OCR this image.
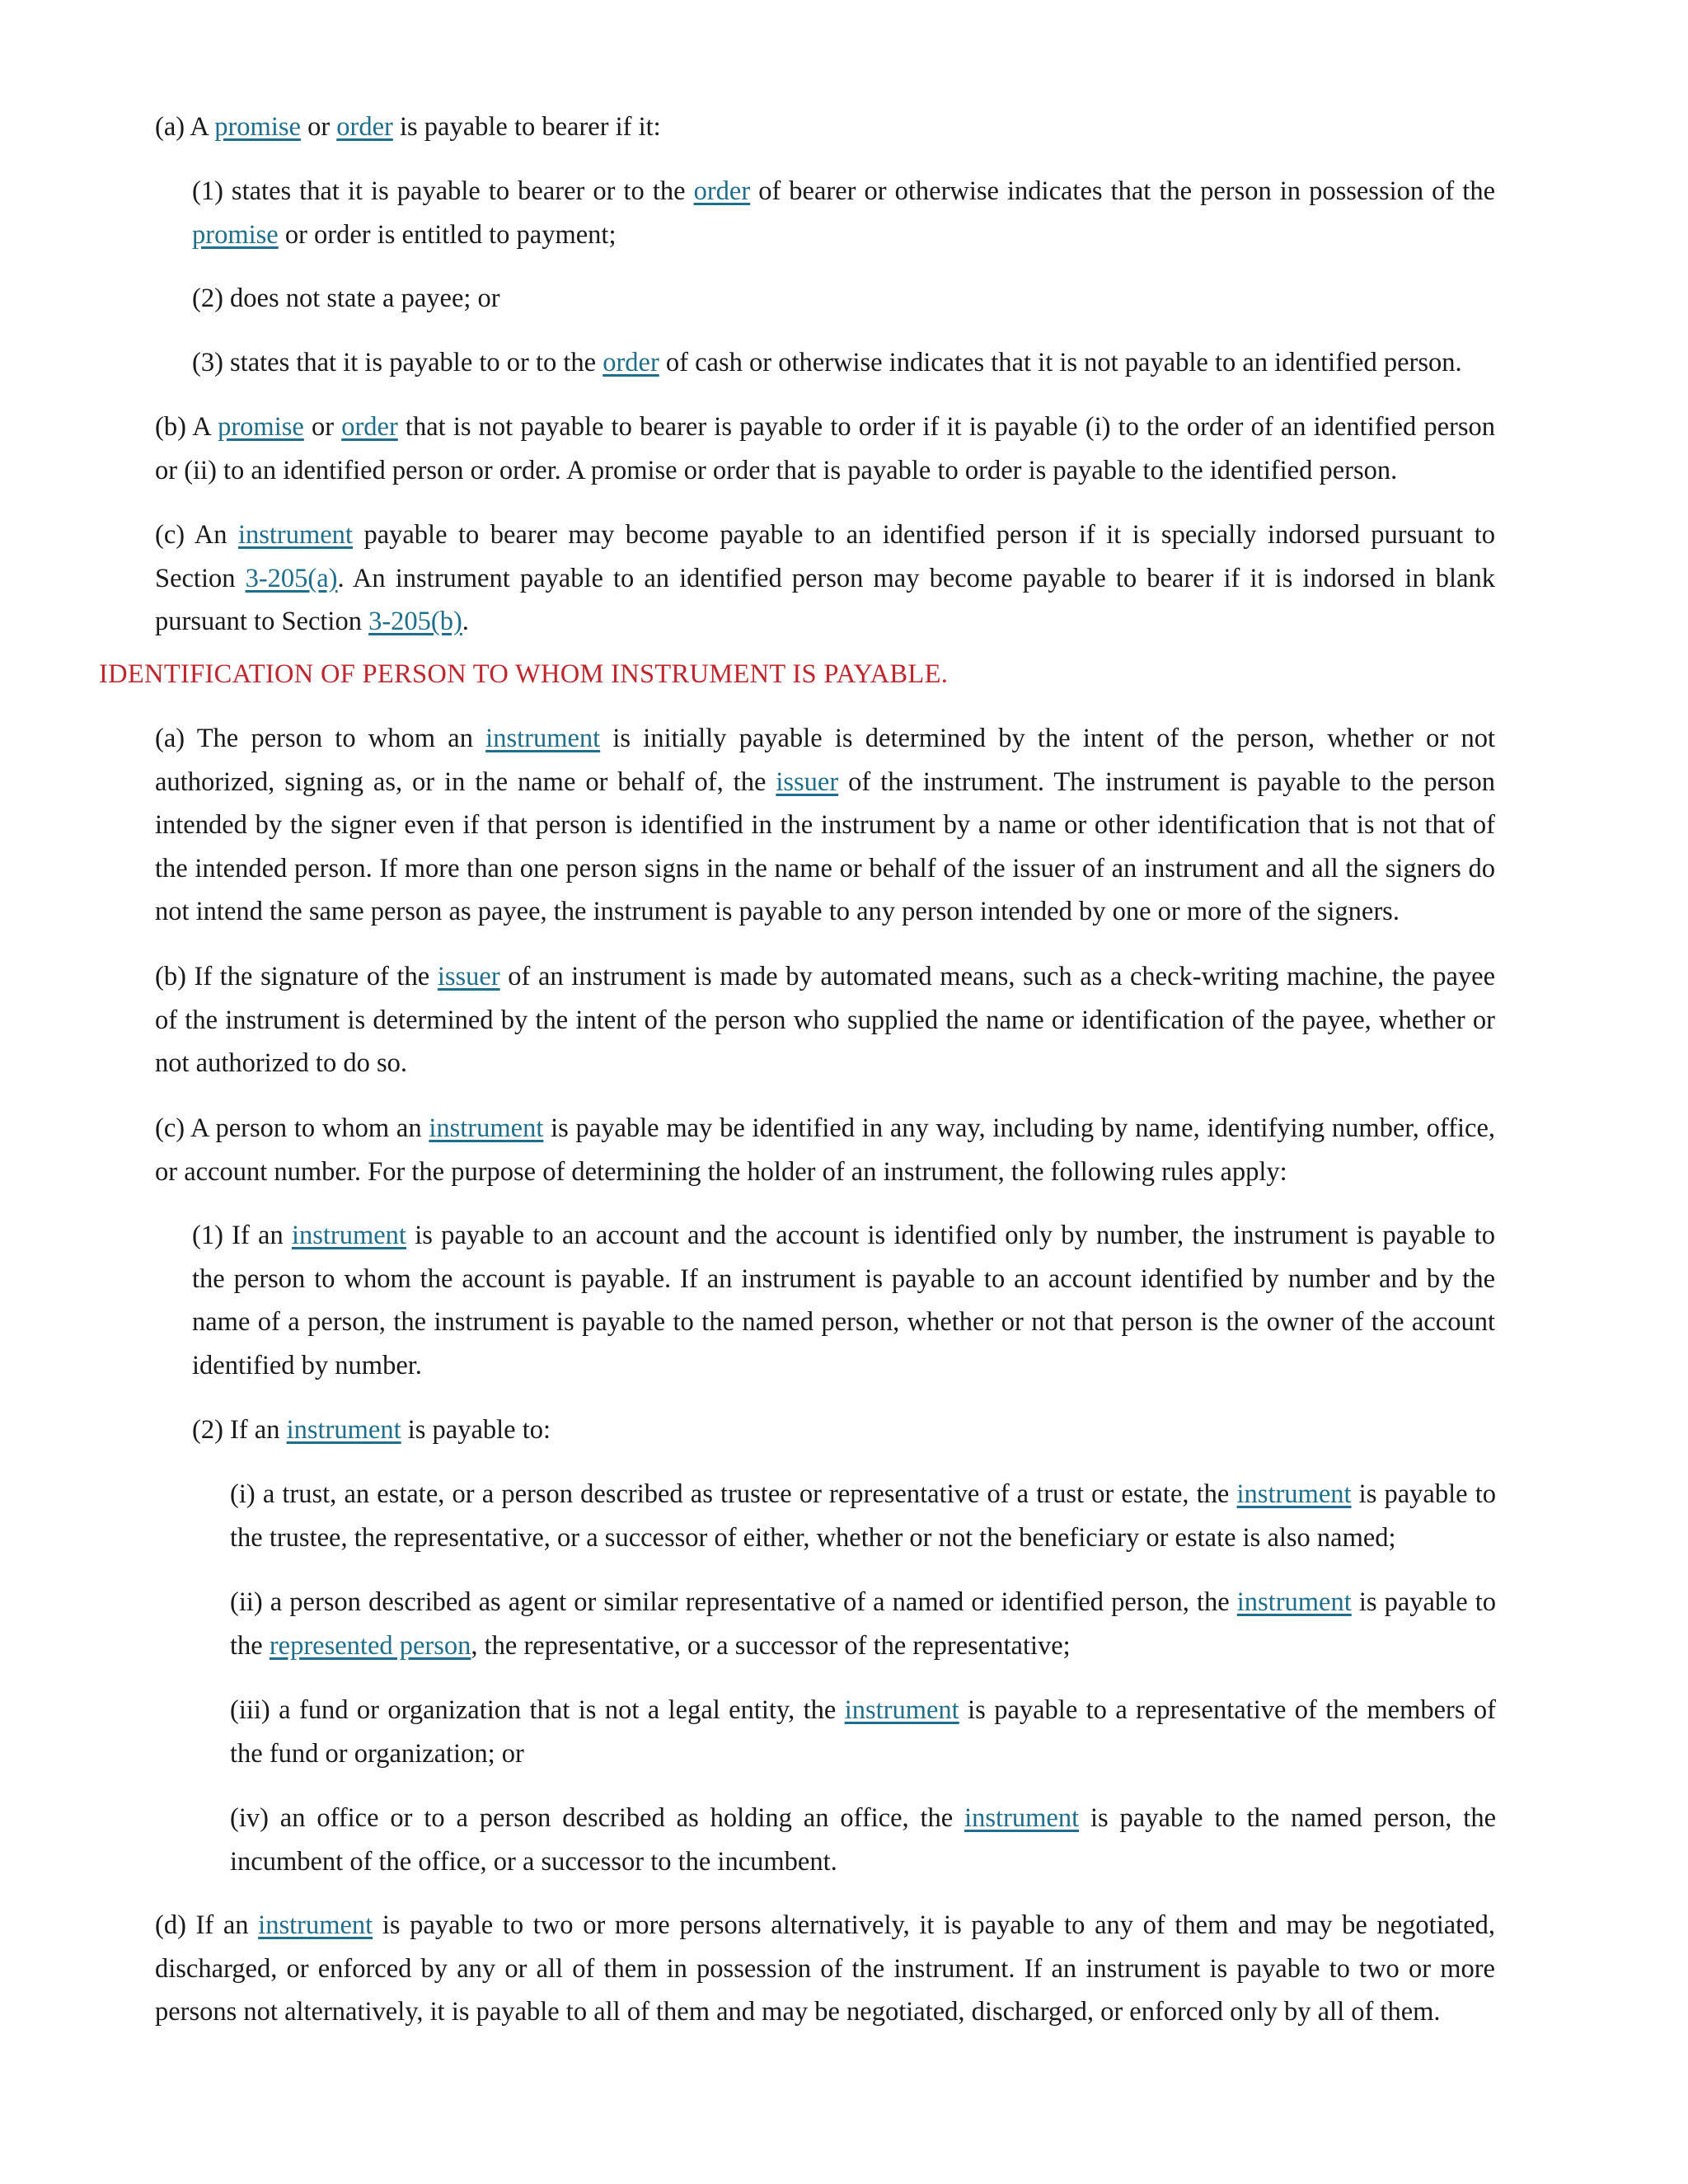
(a) A promise or order is payable to bearer if it:

(1) states that it is payable to bearer or to the order of bearer or otherwise indicates that the person in possession of the promise or order is entitled to payment;

(2) does not state a payee; or

(3) states that it is payable to or to the order of cash or otherwise indicates that it is not payable to an identified person.

(b) A promise or order that is not payable to bearer is payable to order if it is payable (i) to the order of an identified person or (ii) to an identified person or order. A promise or order that is payable to order is payable to the identified person.

(c) An instrument payable to bearer may become payable to an identified person if it is specially indorsed pursuant to Section 3-205(a). An instrument payable to an identified person may become payable to bearer if it is indorsed in blank pursuant to Section 3-205(b).

IDENTIFICATION OF PERSON TO WHOM INSTRUMENT IS PAYABLE.

(a) The person to whom an instrument is initially payable is determined by the intent of the person, whether or not authorized, signing as, or in the name or behalf of, the issuer of the instrument. The instrument is payable to the person intended by the signer even if that person is identified in the instrument by a name or other identification that is not that of the intended person. If more than one person signs in the name or behalf of the issuer of an instrument and all the signers do not intend the same person as payee, the instrument is payable to any person intended by one or more of the signers.

(b) If the signature of the issuer of an instrument is made by automated means, such as a check-writing machine, the payee of the instrument is determined by the intent of the person who supplied the name or identification of the payee, whether or not authorized to do so.

(c) A person to whom an instrument is payable may be identified in any way, including by name, identifying number, office, or account number. For the purpose of determining the holder of an instrument, the following rules apply:

(1) If an instrument is payable to an account and the account is identified only by number, the instrument is payable to the person to whom the account is payable. If an instrument is payable to an account identified by number and by the name of a person, the instrument is payable to the named person, whether or not that person is the owner of the account identified by number.

(2) If an instrument is payable to:

(i) a trust, an estate, or a person described as trustee or representative of a trust or estate, the instrument is payable to the trustee, the representative, or a successor of either, whether or not the beneficiary or estate is also named;

(ii) a person described as agent or similar representative of a named or identified person, the instrument is payable to the represented person, the representative, or a successor of the representative;

(iii) a fund or organization that is not a legal entity, the instrument is payable to a representative of the members of the fund or organization; or

(iv) an office or to a person described as holding an office, the instrument is payable to the named person, the incumbent of the office, or a successor to the incumbent.

(d) If an instrument is payable to two or more persons alternatively, it is payable to any of them and may be negotiated, discharged, or enforced by any or all of them in possession of the instrument. If an instrument is payable to two or more persons not alternatively, it is payable to all of them and may be negotiated, discharged, or enforced only by all of them.
